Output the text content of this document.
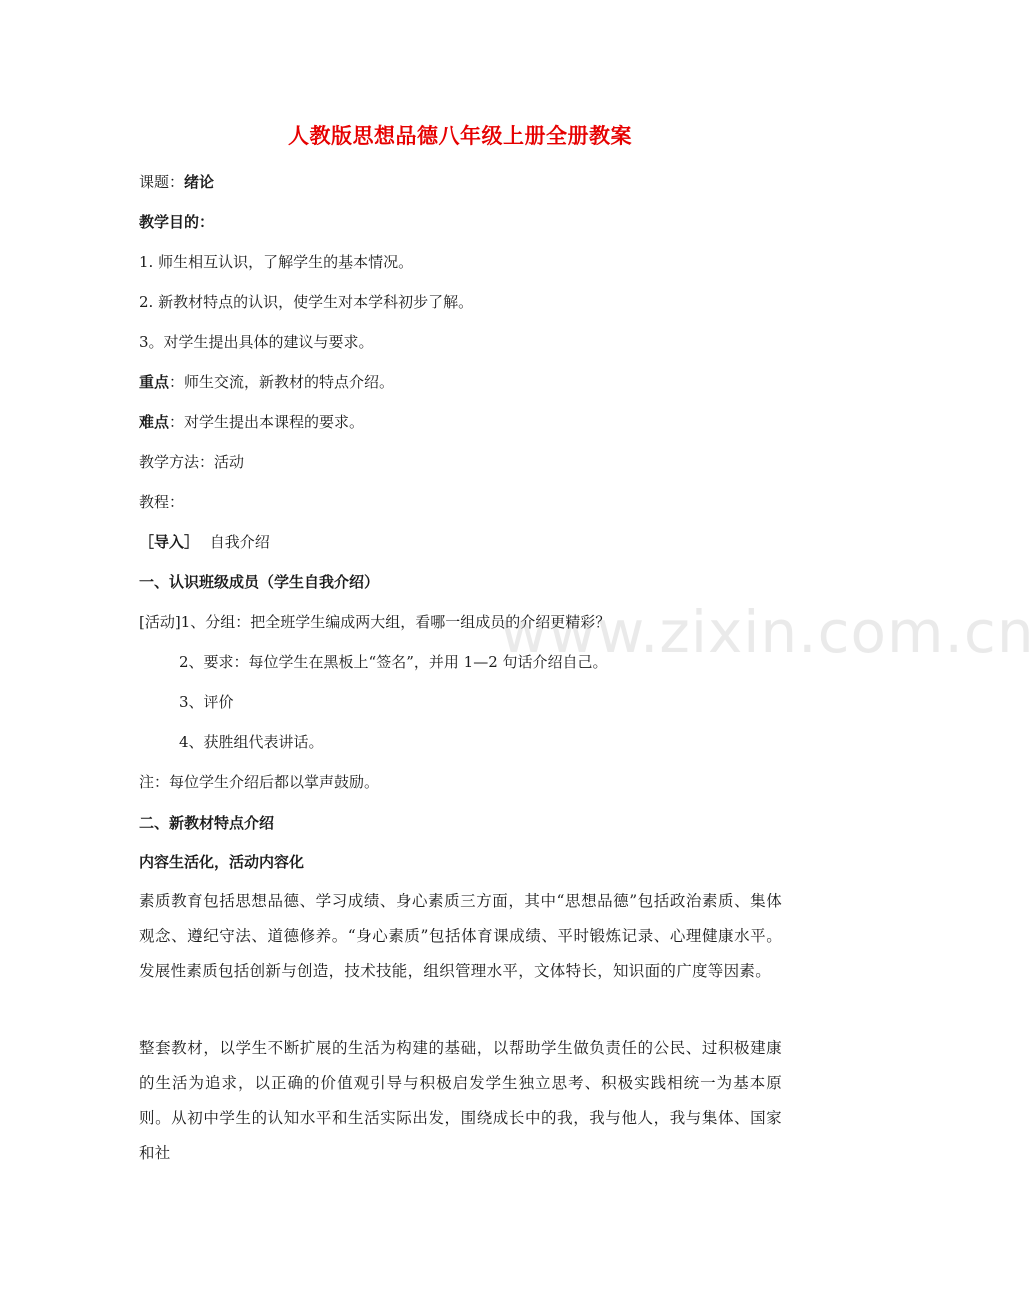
www.zixin.com.cn
人教版思想品德八年级上册全册教案
课题：绪论
教学目的：
1. 师生相互认识，了解学生的基本情况。
2. 新教材特点的认识，使学生对本学科初步了解。
3。对学生提出具体的建议与要求。
重点：师生交流，新教材的特点介绍。
难点：对学生提出本课程的要求。
教学方法：活动
教程：
［导入］ 自我介绍
一、认识班级成员（学生自我介绍）
[活动]1、分组：把全班学生编成两大组，看哪一组成员的介绍更精彩？
2、要求：每位学生在黑板上“签名”，并用 1—2 句话介绍自己。
3、评价
4、获胜组代表讲话。
注：每位学生介绍后都以掌声鼓励。
二、新教材特点介绍
内容生活化，活动内容化
素质教育包括思想品德、学习成绩、身心素质三方面，其中“思想品德”包括政治素质、集体观念、遵纪守法、道德修养。“身心素质”包括体育课成绩、平时锻炼记录、心理健康水平。发展性素质包括创新与创造，技术技能，组织管理水平，文体特长，知识面的广度等因素。
整套教材，以学生不断扩展的生活为构建的基础，以帮助学生做负责任的公民、过积极建康的生活为追求，以正确的价值观引导与积极启发学生独立思考、积极实践相统一为基本原则。从初中学生的认知水平和生活实际出发，围绕成长中的我，我与他人，我与集体、国家和社
